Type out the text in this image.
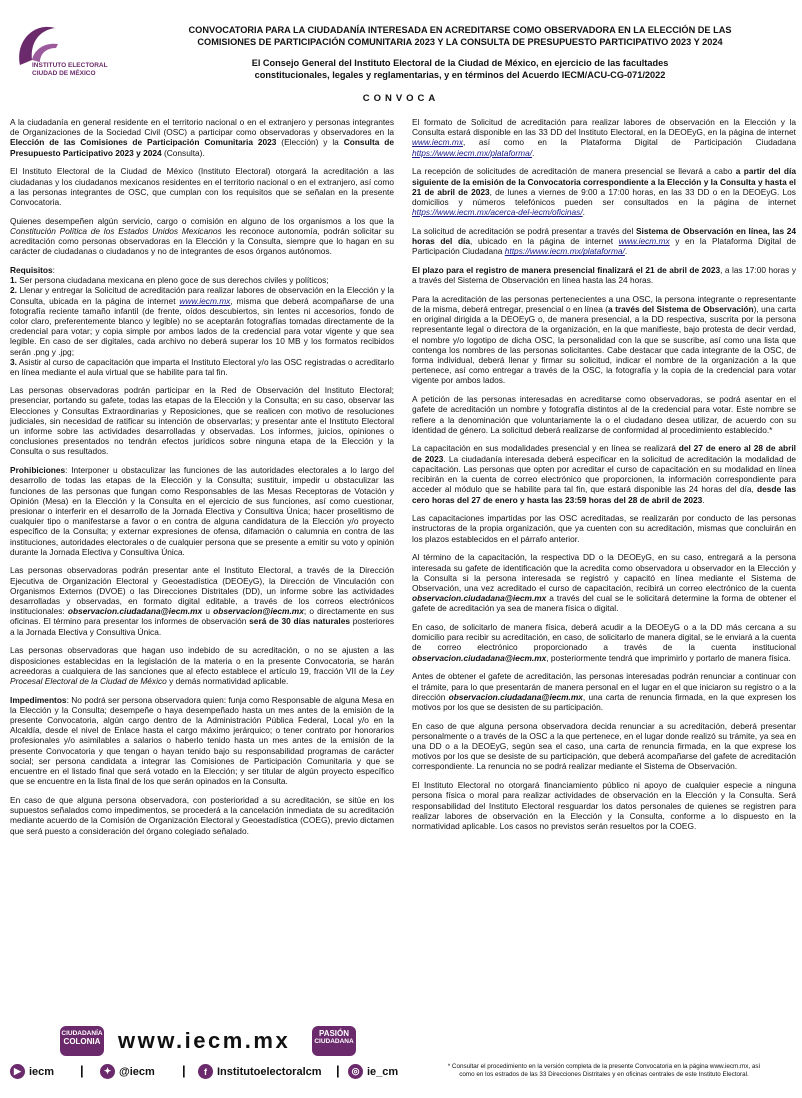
INSTITUTO ELECTORAL
CIUDAD DE MÉXICO
CONVOCATORIA PARA LA CIUDADANÍA INTERESADA EN ACREDITARSE COMO OBSERVADORA EN LA ELECCIÓN DE LAS
COMISIONES DE PARTICIPACIÓN COMUNITARIA 2023 Y LA CONSULTA DE PRESUPUESTO PARTICIPATIVO 2023 Y 2024
El Consejo General del Instituto Electoral de la Ciudad de México, en ejercicio de las facultades
constitucionales, legales y reglamentarias, y en términos del Acuerdo IECM/ACU-CG-071/2022
CONVOCA

A la ciudadanía en general residente en el territorio nacional o en el extranjero y personas integrantes de Organizaciones de la Sociedad Civil (OSC) a participar como observadoras y observadores en la Elección de las Comisiones de Participación Comunitaria 2023 (Elección) y la Consulta de Presupuesto Participativo 2023 y 2024 (Consulta).

El Instituto Electoral de la Ciudad de México (Instituto Electoral) otorgará la acreditación a las ciudadanas y los ciudadanos mexicanos residentes en el territorio nacional o en el extranjero, así como a las personas integrantes de OSC, que cumplan con los requisitos que se señalan en la presente Convocatoria.

Quienes desempeñen algún servicio, cargo o comisión en alguno de los organismos a los que la Constitución Política de los Estados Unidos Mexicanos les reconoce autonomía, podrán solicitar su acreditación como personas observadoras en la Elección y la Consulta, siempre que lo hagan en su carácter de ciudadanas o ciudadanos y no de integrantes de esos órganos autónomos.

Requisitos:
1. Ser persona ciudadana mexicana en pleno goce de sus derechos civiles y políticos;
2. Llenar y entregar la Solicitud de acreditación para realizar labores de observación en la Elección y la Consulta, ubicada en la página de internet www.iecm.mx, misma que deberá acompañarse de una fotografía reciente tamaño infantil (de frente, oídos descubiertos, sin lentes ni accesorios, fondo de color claro, preferentemente blanco y legible) no se aceptarán fotografías tomadas directamente de la credencial para votar; y copia simple por ambos lados de la credencial para votar vigente y que sea legible. En caso de ser digitales, cada archivo no deberá superar los 10 MB y los formatos recibidos serán .png y .jpg;
3. Asistir al curso de capacitación que imparta el Instituto Electoral y/o las OSC registradas o acreditarlo en línea mediante el aula virtual que se habilite para tal fin.

Las personas observadoras podrán participar en la Red de Observación del Instituto Electoral; presenciar, portando su gafete, todas las etapas de la Elección y la Consulta; en su caso, observar las Elecciones y Consultas Extraordinarias y Reposiciones, que se realicen con motivo de resoluciones judiciales, sin necesidad de ratificar su intención de observarlas; y presentar ante el Instituto Electoral un informe sobre las actividades desarrolladas y observadas. Los informes, juicios, opiniones o conclusiones presentados no tendrán efectos jurídicos sobre ninguna etapa de la Elección y la Consulta o sus resultados.

Prohibiciones: Interponer u obstaculizar las funciones de las autoridades electorales a lo largo del desarrollo de todas las etapas de la Elección y la Consulta; sustituir, impedir u obstaculizar las funciones de las personas que fungan como Responsables de las Mesas Receptoras de Votación y Opinión (Mesa) en la Elección y la Consulta en el ejercicio de sus funciones, así como cuestionar, presionar o interferir en el desarrollo de la Jornada Electiva y Consultiva Única; hacer proselitismo de cualquier tipo o manifestarse a favor o en contra de alguna candidatura de la Elección y/o proyecto específico de la Consulta; y externar expresiones de ofensa, difamación o calumnia en contra de las instituciones, autoridades electorales o de cualquier persona que se presente a emitir su voto y opinión durante la Jornada Electiva y Consultiva Única.

Las personas observadoras podrán presentar ante el Instituto Electoral, a través de la Dirección Ejecutiva de Organización Electoral y Geoestadística (DEOEyG), la Dirección de Vinculación con Organismos Externos (DVOE) o las Direcciones Distritales (DD), un informe sobre las actividades desarrolladas y observadas, en formato digital editable, a través de los correos electrónicos institucionales: observacion.ciudadana@iecm.mx u observacion@iecm.mx; o directamente en sus oficinas. El término para presentar los informes de observación será de 30 días naturales posteriores a la Jornada Electiva y Consultiva Única.

Las personas observadoras que hagan uso indebido de su acreditación, o no se ajusten a las disposiciones establecidas en la legislación de la materia o en la presente Convocatoria, se harán acreedoras a cualquiera de las sanciones que al efecto establece el artículo 19, fracción VII de la Ley Procesal Electoral de la Ciudad de México y demás normatividad aplicable.

Impedimentos: No podrá ser persona observadora quien: funja como Responsable de alguna Mesa en la Elección y la Consulta; desempeñe o haya desempeñado hasta un mes antes de la emisión de la presente Convocatoria, algún cargo dentro de la Administración Pública Federal, Local y/o en la Alcaldía, desde el nivel de Enlace hasta el cargo máximo jerárquico; o tener contrato por honorarios profesionales y/o asimilables a salarios o haberlo tenido hasta un mes antes de la emisión de la presente Convocatoria y que tengan o hayan tenido bajo su responsabilidad programas de carácter social; ser persona candidata a integrar las Comisiones de Participación Comunitaria y que se encuentre en el listado final que será votado en la Elección; y ser titular de algún proyecto específico que se encuentre en la lista final de los que serán opinados en la Consulta.

En caso de que alguna persona observadora, con posterioridad a su acreditación, se sitúe en los supuestos señalados como impedimentos, se procederá a la cancelación inmediata de su acreditación mediante acuerdo de la Comisión de Organización Electoral y Geoestadística (COEG), previo dictamen que será puesto a consideración del órgano colegiado señalado.

El formato de Solicitud de acreditación para realizar labores de observación en la Elección y la Consulta estará disponible en las 33 DD del Instituto Electoral, en la DEOEyG, en la página de internet www.iecm.mx, así como en la Plataforma Digital de Participación Ciudadana https://www.iecm.mx/plataforma/.

La recepción de solicitudes de acreditación de manera presencial se llevará a cabo a partir del día siguiente de la emisión de la Convocatoria correspondiente a la Elección y la Consulta y hasta el 21 de abril de 2023, de lunes a viernes de 9:00 a 17:00 horas, en las 33 DD o en la DEOEyG. Los domicilios y números telefónicos pueden ser consultados en la página de internet https://www.iecm.mx/acerca-del-iecm/oficinas/.

La solicitud de acreditación se podrá presentar a través del Sistema de Observación en línea, las 24 horas del día, ubicado en la página de internet www.iecm.mx y en la Plataforma Digital de Participación Ciudadana https://www.iecm.mx/plataforma/.

El plazo para el registro de manera presencial finalizará el 21 de abril de 2023, a las 17:00 horas y a través del Sistema de Observación en línea hasta las 24 horas.

Para la acreditación de las personas pertenecientes a una OSC, la persona integrante o representante de la misma, deberá entregar, presencial o en línea (a través del Sistema de Observación), una carta en original dirigida a la DEOEyG o, de manera presencial, a la DD respectiva, suscrita por la persona representante legal o directora de la organización, en la que manifieste, bajo protesta de decir verdad, el nombre y/o logotipo de dicha OSC, la personalidad con la que se suscribe, así como una lista que contenga los nombres de las personas solicitantes. Cabe destacar que cada integrante de la OSC, de forma individual, deberá llenar y firmar su solicitud, indicar el nombre de la organización a la que pertenece, así como entregar a través de la OSC, la fotografía y la copia de la credencial para votar vigente por ambos lados.

A petición de las personas interesadas en acreditarse como observadoras, se podrá asentar en el gafete de acreditación un nombre y fotografía distintos al de la credencial para votar. Este nombre se refiere a la denominación que voluntariamente la o el ciudadano desea utilizar, de acuerdo con su identidad de género. La solicitud deberá realizarse de conformidad al procedimiento establecido.*

La capacitación en sus modalidades presencial y en línea se realizará del 27 de enero al 28 de abril de 2023. La ciudadanía interesada deberá especificar en la solicitud de acreditación la modalidad de capacitación. Las personas que opten por acreditar el curso de capacitación en su modalidad en línea recibirán en la cuenta de correo electrónico que proporcionen, la información correspondiente para acceder al módulo que se habilite para tal fin, que estará disponible las 24 horas del día, desde las cero horas del 27 de enero y hasta las 23:59 horas del 28 de abril de 2023.

Las capacitaciones impartidas por las OSC acreditadas, se realizarán por conducto de las personas instructoras de la propia organización, que ya cuenten con su acreditación, mismas que concluirán en los plazos establecidos en el párrafo anterior.

Al término de la capacitación, la respectiva DD o la DEOEyG, en su caso, entregará a la persona interesada su gafete de identificación que la acredita como observadora u observador en la Elección y la Consulta si la persona interesada se registró y capacitó en línea mediante el Sistema de Observación, una vez acreditado el curso de capacitación, recibirá un correo electrónico de la cuenta observacion.ciudadana@iecm.mx a través del cual se le solicitará determine la forma de obtener el gafete de acreditación ya sea de manera física o digital.

En caso, de solicitarlo de manera física, deberá acudir a la DEOEyG o a la DD más cercana a su domicilio para recibir su acreditación, en caso, de solicitarlo de manera digital, se le enviará a la cuenta de correo electrónico proporcionado a través de la cuenta institucional observacion.ciudadana@iecm.mx, posteriormente tendrá que imprimirlo y portarlo de manera física.

Antes de obtener el gafete de acreditación, las personas interesadas podrán renunciar a continuar con el trámite, para lo que presentarán de manera personal en el lugar en el que iniciaron su registro o a la dirección observacion.ciudadana@iecm.mx, una carta de renuncia firmada, en la que expresen los motivos por los que se desisten de su participación.

En caso de que alguna persona observadora decida renunciar a su acreditación, deberá presentar personalmente o a través de la OSC a la que pertenece, en el lugar donde realizó su trámite, ya sea en una DD o a la DEOEyG, según sea el caso, una carta de renuncia firmada, en la que exprese los motivos por los que se desiste de su participación, que deberá acompañarse del gafete de acreditación correspondiente. La renuncia no se podrá realizar mediante el Sistema de Observación.

El Instituto Electoral no otorgará financiamiento público ni apoyo de cualquier especie a ninguna persona física o moral para realizar actividades de observación en la Elección y la Consulta. Será responsabilidad del Instituto Electoral resguardar los datos personales de quienes se registren para realizar labores de observación en la Elección y la Consulta, conforme a lo dispuesto en la normatividad aplicable. Los casos no previstos serán resueltos por la COEG.

* Consultar el procedimiento en la versión completa de la presente Convocatoria en la página www.iecm.mx, así
como en los estrados de las 33 Direcciones Distritales y en oficinas centrales de este Instituto Electoral.
CIUDADANÍA
COLONIA www.iecm.mx	PASIÓN
CIUDADANA
▶ iecm |	✦ @iecm |	f Institutoelectoralcm |	◎ ie_cm
